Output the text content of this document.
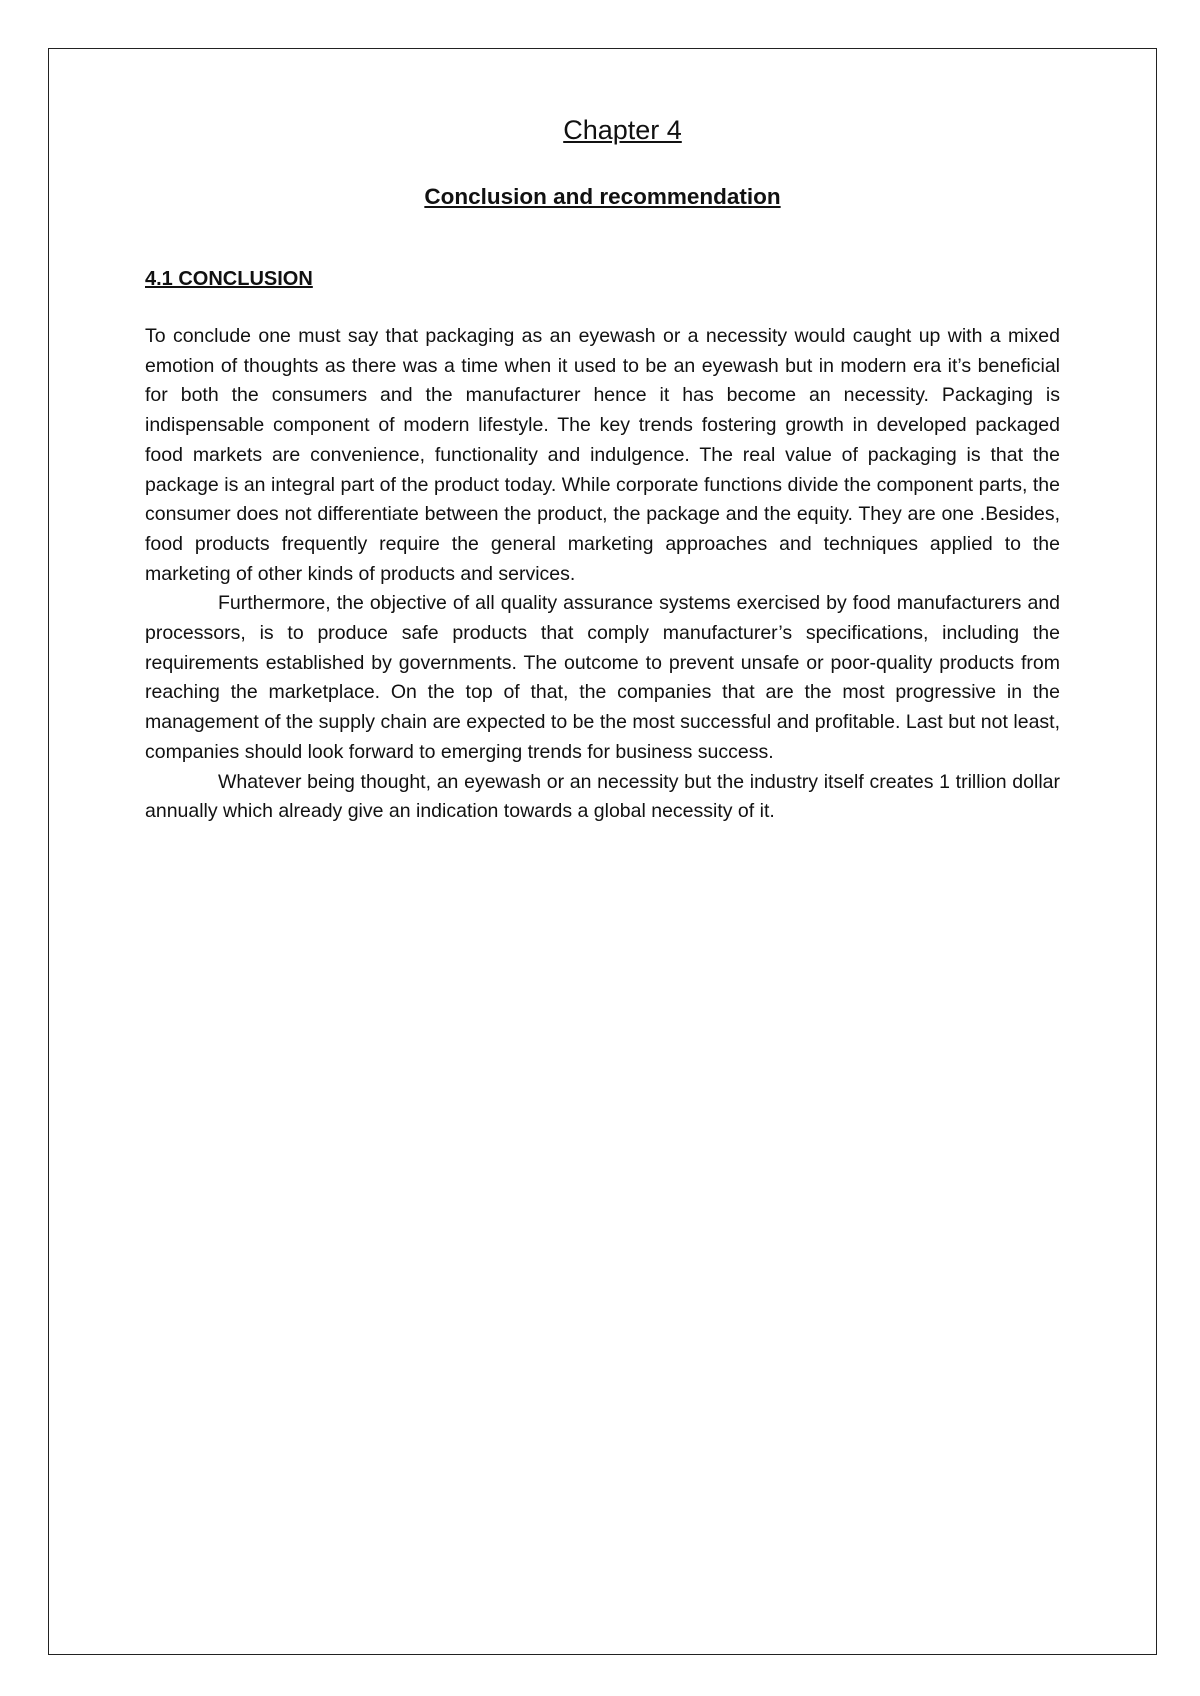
Chapter 4
Conclusion and recommendation
4.1 CONCLUSION

To conclude one must say that packaging as an eyewash or a necessity would caught up with a mixed emotion of thoughts as there was a time when it used to be an eyewash but in modern era it’s beneficial for both the consumers and the manufacturer hence it has become an necessity. Packaging is indispensable component of modern lifestyle. The key trends fostering growth in developed packaged food markets are convenience, functionality and indulgence. The real value of packaging is that the package is an integral part of the product today. While corporate functions divide the component parts, the consumer does not differentiate between the product, the package and the equity. They are one .Besides, food products frequently require the general marketing approaches and techniques applied to the marketing of other kinds of products and services.

Furthermore, the objective of all quality assurance systems exercised by food manufacturers and processors, is to produce safe products that comply manufacturer’s specifications, including the requirements established by governments. The outcome to prevent unsafe or poor-quality products from reaching the marketplace. On the top of that, the companies that are the most progressive in the management of the supply chain are expected to be the most successful and profitable. Last but not least, companies should look forward to emerging trends for business success.

Whatever being thought, an eyewash or an necessity but the industry itself creates 1 trillion dollar annually which already give an indication towards a global necessity of it.
